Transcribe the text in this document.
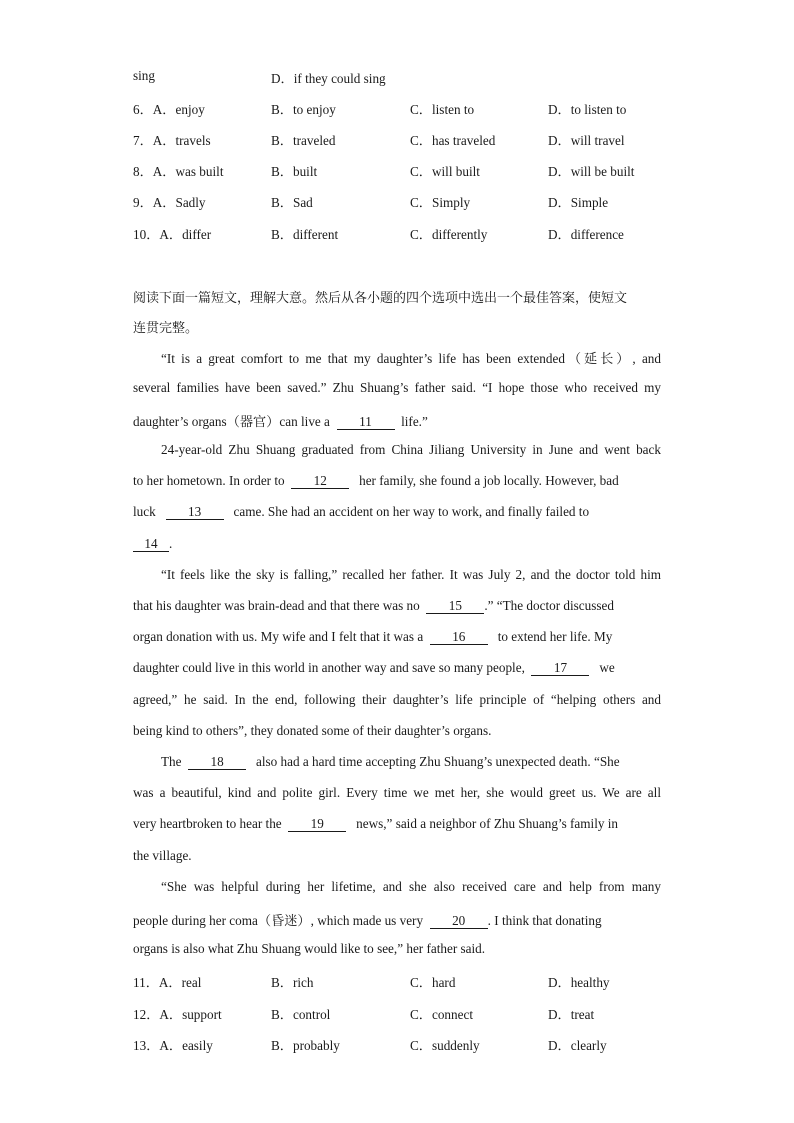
sing	D．if they could sing
6．A．enjoy	B．to enjoy	C．listen to	D．to listen to
7．A．travels	B．traveled	C．has traveled	D．will travel
8．A．was built	B．built	C．will built	D．will be built
9．A．Sadly	B．Sad	C．Simply	D．Simple
10．A．differ	B．different	C．differently	D．difference
阅读下面一篇短文，理解大意。然后从各小题的四个选项中选出一个最佳答案，使短文
连贯完整。
“It is a great comfort to me that my daughter’s life has been extended（延长）, and
several families have been saved.” Zhu Shuang’s father said. “I hope those who received my
daughter’s organs（器官）can live a 11 life.”
24-year-old Zhu Shuang graduated from China Jiliang University in June and went back
to her hometown. In order to 12 her family, she found a job locally. However, bad
luck 13 came. She had an accident on her way to work, and finally failed to
14 .
“It feels like the sky is falling,” recalled her father. It was July 2, and the doctor told him
that his daughter was brain-dead and that there was no 15 .” “The doctor discussed
organ donation with us. My wife and I felt that it was a 16 to extend her life. My
daughter could live in this world in another way and save so many people, 17 we
agreed,” he said. In the end, following their daughter’s life principle of “helping others and
being kind to others”, they donated some of their daughter’s organs.
The 18 also had a hard time accepting Zhu Shuang’s unexpected death. “She
was a beautiful, kind and polite girl. Every time we met her, she would greet us. We are all
very heartbroken to hear the 19 news,” said a neighbor of Zhu Shuang’s family in
the village.
“She was helpful during her lifetime, and she also received care and help from many
people during her coma（昏迷）, which made us very 20 . I think that donating
organs is also what Zhu Shuang would like to see,” her father said.
11．A．real	B．rich	C．hard	D．healthy
12．A．support	B．control	C．connect	D．treat
13．A．easily	B．probably	C．suddenly	D．clearly
